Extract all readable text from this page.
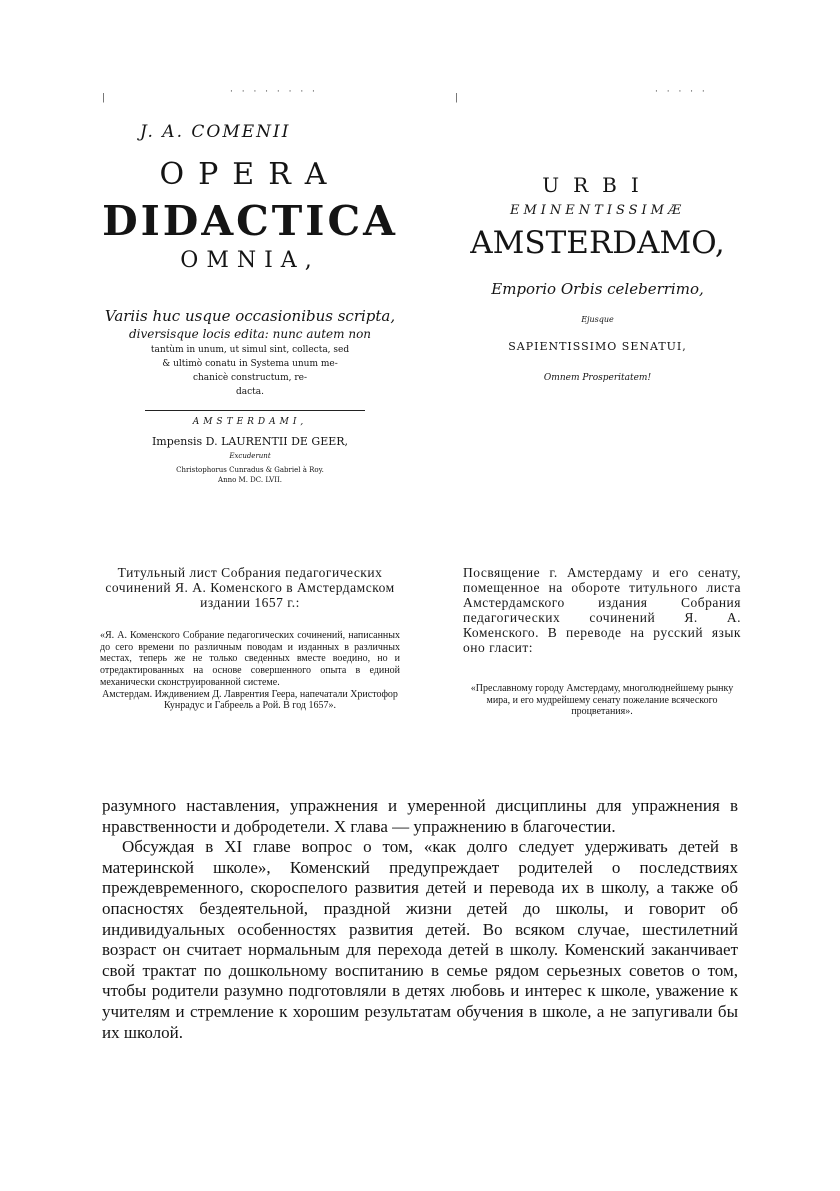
|
· · · · · · · ·
J. A. COMENII
OPERA
DIDACTICA
OMNIA,
Variis huc usque occasionibus scripta,
diversisque locis edita: nunc autem non
tantùm in unum, ut simul sint, collecta, sed
& ultimò conatu in Systema unum me-
chanicè constructum, re-
dacta.
AMSTERDAMI,
Impensis D. LAURENTII DE GEER,
Excuderunt
Christophorus Cunradus & Gabriel à Roy.
Anno M. DC. LVII.
|
· · · · ·
URBI
EMINENTISSIMÆ
AMSTERDAMO,
Emporio Orbis celeberrimo,
Ejusque
SAPIENTISSIMO SENATUI,
Omnem Prosperitatem!
Титульный лист Собрания педагогических сочинений Я. А. Коменского в Амстердамском издании 1657 г.:
«Я. А. Коменского Собрание педагогических сочинений, написанных до сего времени по различным поводам и изданных в различных местах, теперь же не только сведенных вместе воедино, но и отредактированных на основе совершенного опыта в единой механически сконструированной системе.
Амстердам. Иждивением Д. Лаврентия Геера, напечатали Христофор Кунрадус и Габреель а Рой. В год 1657».
Посвящение г. Амстердаму и его сенату, помещенное на обороте титульного листа Амстердамского издания Собрания педагогических сочинений Я. А. Коменского. В переводе на русский язык оно гласит:
«Преславному городу Амстердаму, многолюднейшему рынку мира, и его мудрейшему сенату пожелание всяческого процветания».

разумного наставления, упражнения и умеренной дисциплины для упражнения в нравственности и добродетели. X глава — упражнению в благочестии.

Обсуждая в XI главе вопрос о том, «как долго следует удерживать детей в материнской школе», Коменский предупреждает родителей о последствиях преждевременного, скороспелого развития детей и перевода их в школу, а также об опасностях бездеятельной, праздной жизни детей до школы, и говорит об индивидуальных особенностях развития детей. Во всяком случае, шестилетний возраст он считает нормальным для перехода детей в школу. Коменский заканчивает свой трактат по дошкольному воспитанию в семье рядом серьезных советов о том, чтобы родители разумно подготовляли в детях любовь и интерес к школе, уважение к учителям и стремление к хорошим результатам обучения в школе, а не запугивали бы их школой.
